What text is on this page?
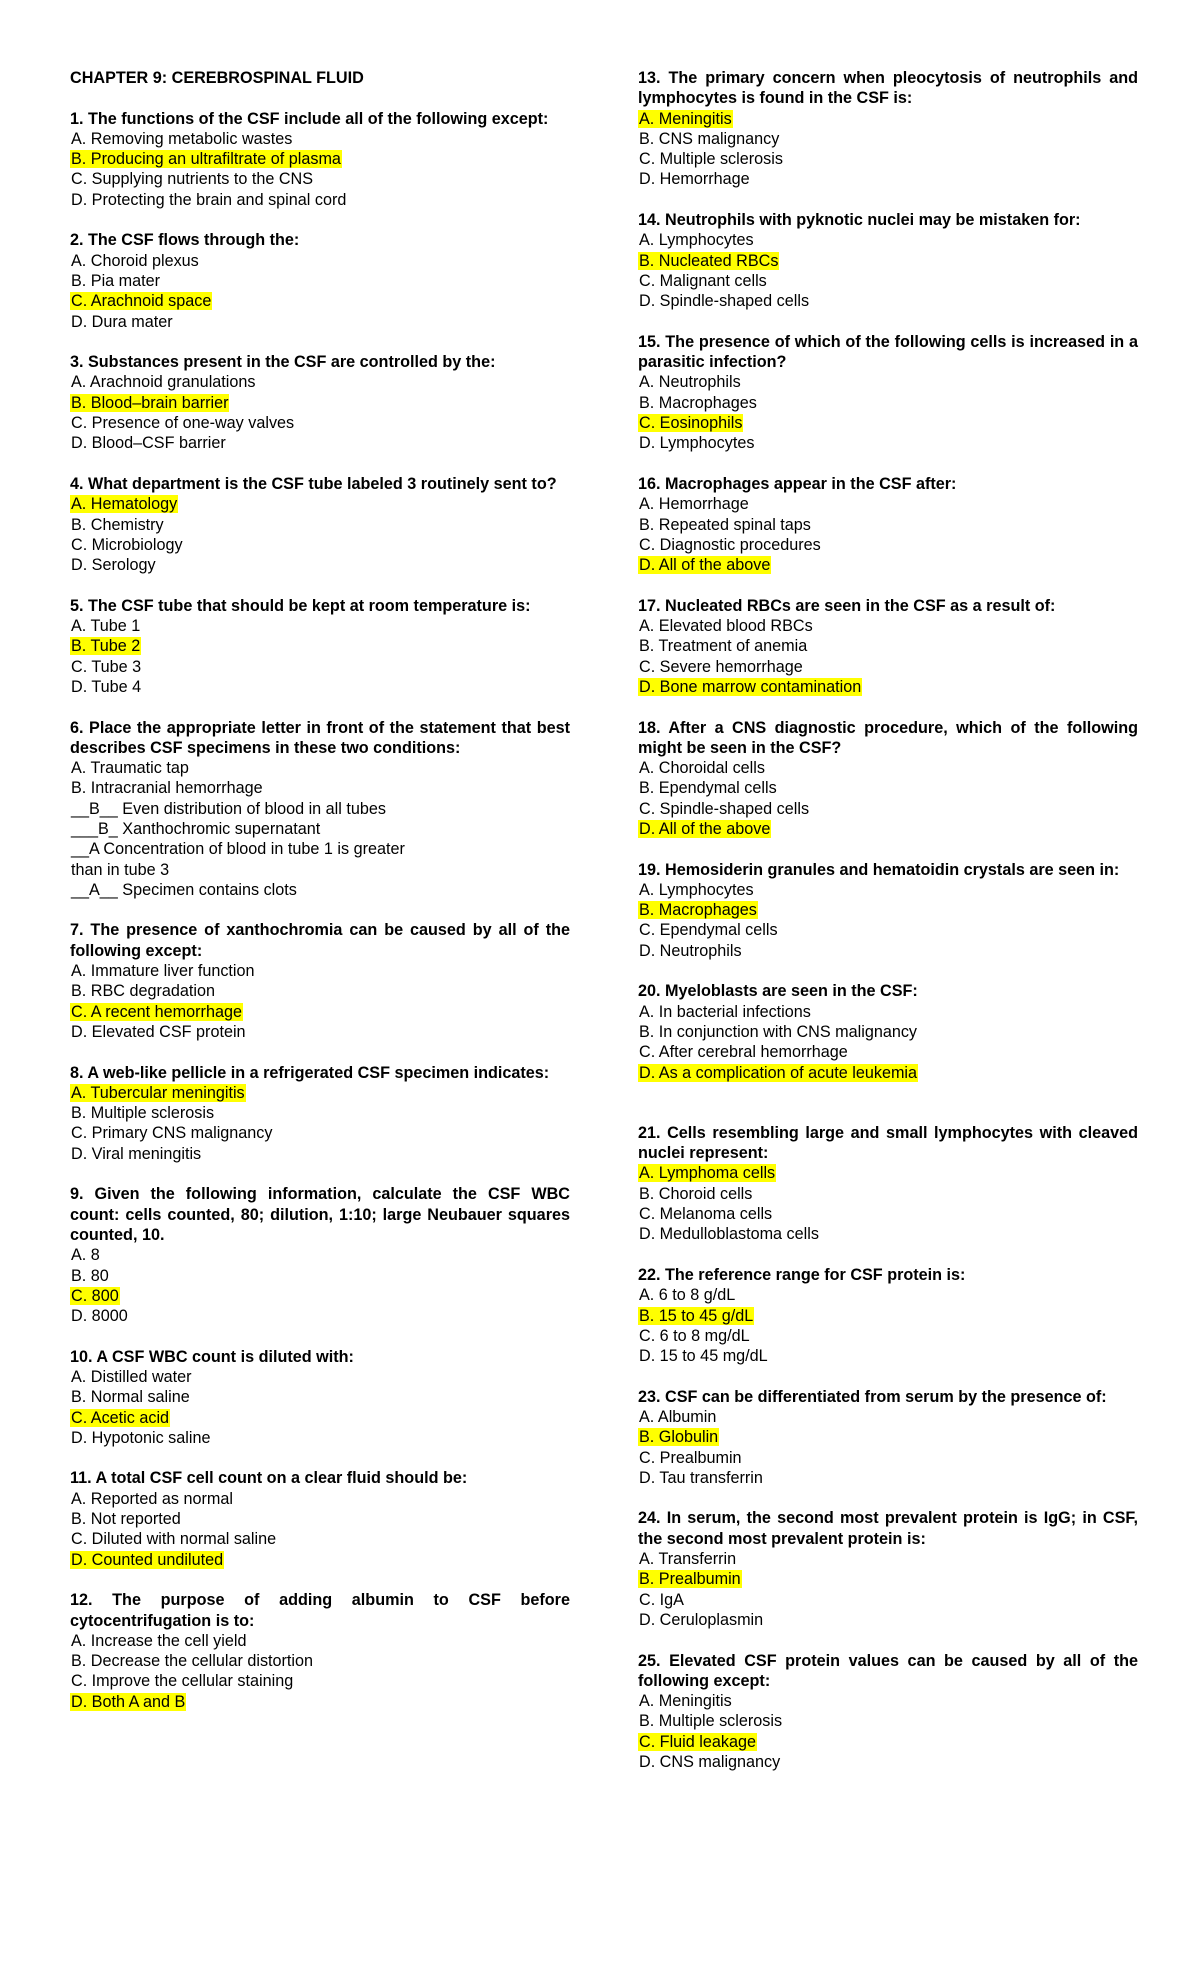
CHAPTER 9: CEREBROSPINAL FLUID
1. The functions of the CSF include all of the following except:
A. Removing metabolic wastes
B. Producing an ultrafiltrate of plasma
C. Supplying nutrients to the CNS
D. Protecting the brain and spinal cord
2. The CSF flows through the:
A. Choroid plexus
B. Pia mater
C. Arachnoid space
D. Dura mater
3. Substances present in the CSF are controlled by the:
A. Arachnoid granulations
B. Blood–brain barrier
C. Presence of one-way valves
D. Blood–CSF barrier
4. What department is the CSF tube labeled 3 routinely sent to?
A. Hematology
B. Chemistry
C. Microbiology
D. Serology
5. The CSF tube that should be kept at room temperature is:
A. Tube 1
B. Tube 2
C. Tube 3
D. Tube 4
6. Place the appropriate letter in front of the statement that best describes CSF specimens in these two conditions:
A. Traumatic tap
B. Intracranial hemorrhage
__B__ Even distribution of blood in all tubes
___B_ Xanthochromic supernatant
__A Concentration of blood in tube 1 is greater
than in tube 3
__A__ Specimen contains clots
7. The presence of xanthochromia can be caused by all of the following except:
A. Immature liver function
B. RBC degradation
C. A recent hemorrhage
D. Elevated CSF protein
8. A web-like pellicle in a refrigerated CSF specimen indicates:
A. Tubercular meningitis
B. Multiple sclerosis
C. Primary CNS malignancy
D. Viral meningitis
9. Given the following information, calculate the CSF WBC count: cells counted, 80; dilution, 1:10; large Neubauer squares counted, 10.
A. 8
B. 80
C. 800
D. 8000
10. A CSF WBC count is diluted with:
A. Distilled water
B. Normal saline
C. Acetic acid
D. Hypotonic saline
11. A total CSF cell count on a clear fluid should be:
A. Reported as normal
B. Not reported
C. Diluted with normal saline
D. Counted undiluted
12. The purpose of adding albumin to CSF before cytocentrifugation is to:
A. Increase the cell yield
B. Decrease the cellular distortion
C. Improve the cellular staining
D. Both A and B
13. The primary concern when pleocytosis of neutrophils and lymphocytes is found in the CSF is:
A. Meningitis
B. CNS malignancy
C. Multiple sclerosis
D. Hemorrhage
14. Neutrophils with pyknotic nuclei may be mistaken for:
A. Lymphocytes
B. Nucleated RBCs
C. Malignant cells
D. Spindle-shaped cells
15. The presence of which of the following cells is increased in a parasitic infection?
A. Neutrophils
B. Macrophages
C. Eosinophils
D. Lymphocytes
16. Macrophages appear in the CSF after:
A. Hemorrhage
B. Repeated spinal taps
C. Diagnostic procedures
D. All of the above
17. Nucleated RBCs are seen in the CSF as a result of:
A. Elevated blood RBCs
B. Treatment of anemia
C. Severe hemorrhage
D. Bone marrow contamination
18. After a CNS diagnostic procedure, which of the following might be seen in the CSF?
A. Choroidal cells
B. Ependymal cells
C. Spindle-shaped cells
D. All of the above
19. Hemosiderin granules and hematoidin crystals are seen in:
A. Lymphocytes
B. Macrophages
C. Ependymal cells
D. Neutrophils
20. Myeloblasts are seen in the CSF:
A. In bacterial infections
B. In conjunction with CNS malignancy
C. After cerebral hemorrhage
D. As a complication of acute leukemia
21. Cells resembling large and small lymphocytes with cleaved nuclei represent:
A. Lymphoma cells
B. Choroid cells
C. Melanoma cells
D. Medulloblastoma cells
22. The reference range for CSF protein is:
A. 6 to 8 g/dL
B. 15 to 45 g/dL
C. 6 to 8 mg/dL
D. 15 to 45 mg/dL
23. CSF can be differentiated from serum by the presence of:
A. Albumin
B. Globulin
C. Prealbumin
D. Tau transferrin
24. In serum, the second most prevalent protein is IgG; in CSF, the second most prevalent protein is:
A. Transferrin
B. Prealbumin
C. IgA
D. Ceruloplasmin
25. Elevated CSF protein values can be caused by all of the following except:
A. Meningitis
B. Multiple sclerosis
C. Fluid leakage
D. CNS malignancy
